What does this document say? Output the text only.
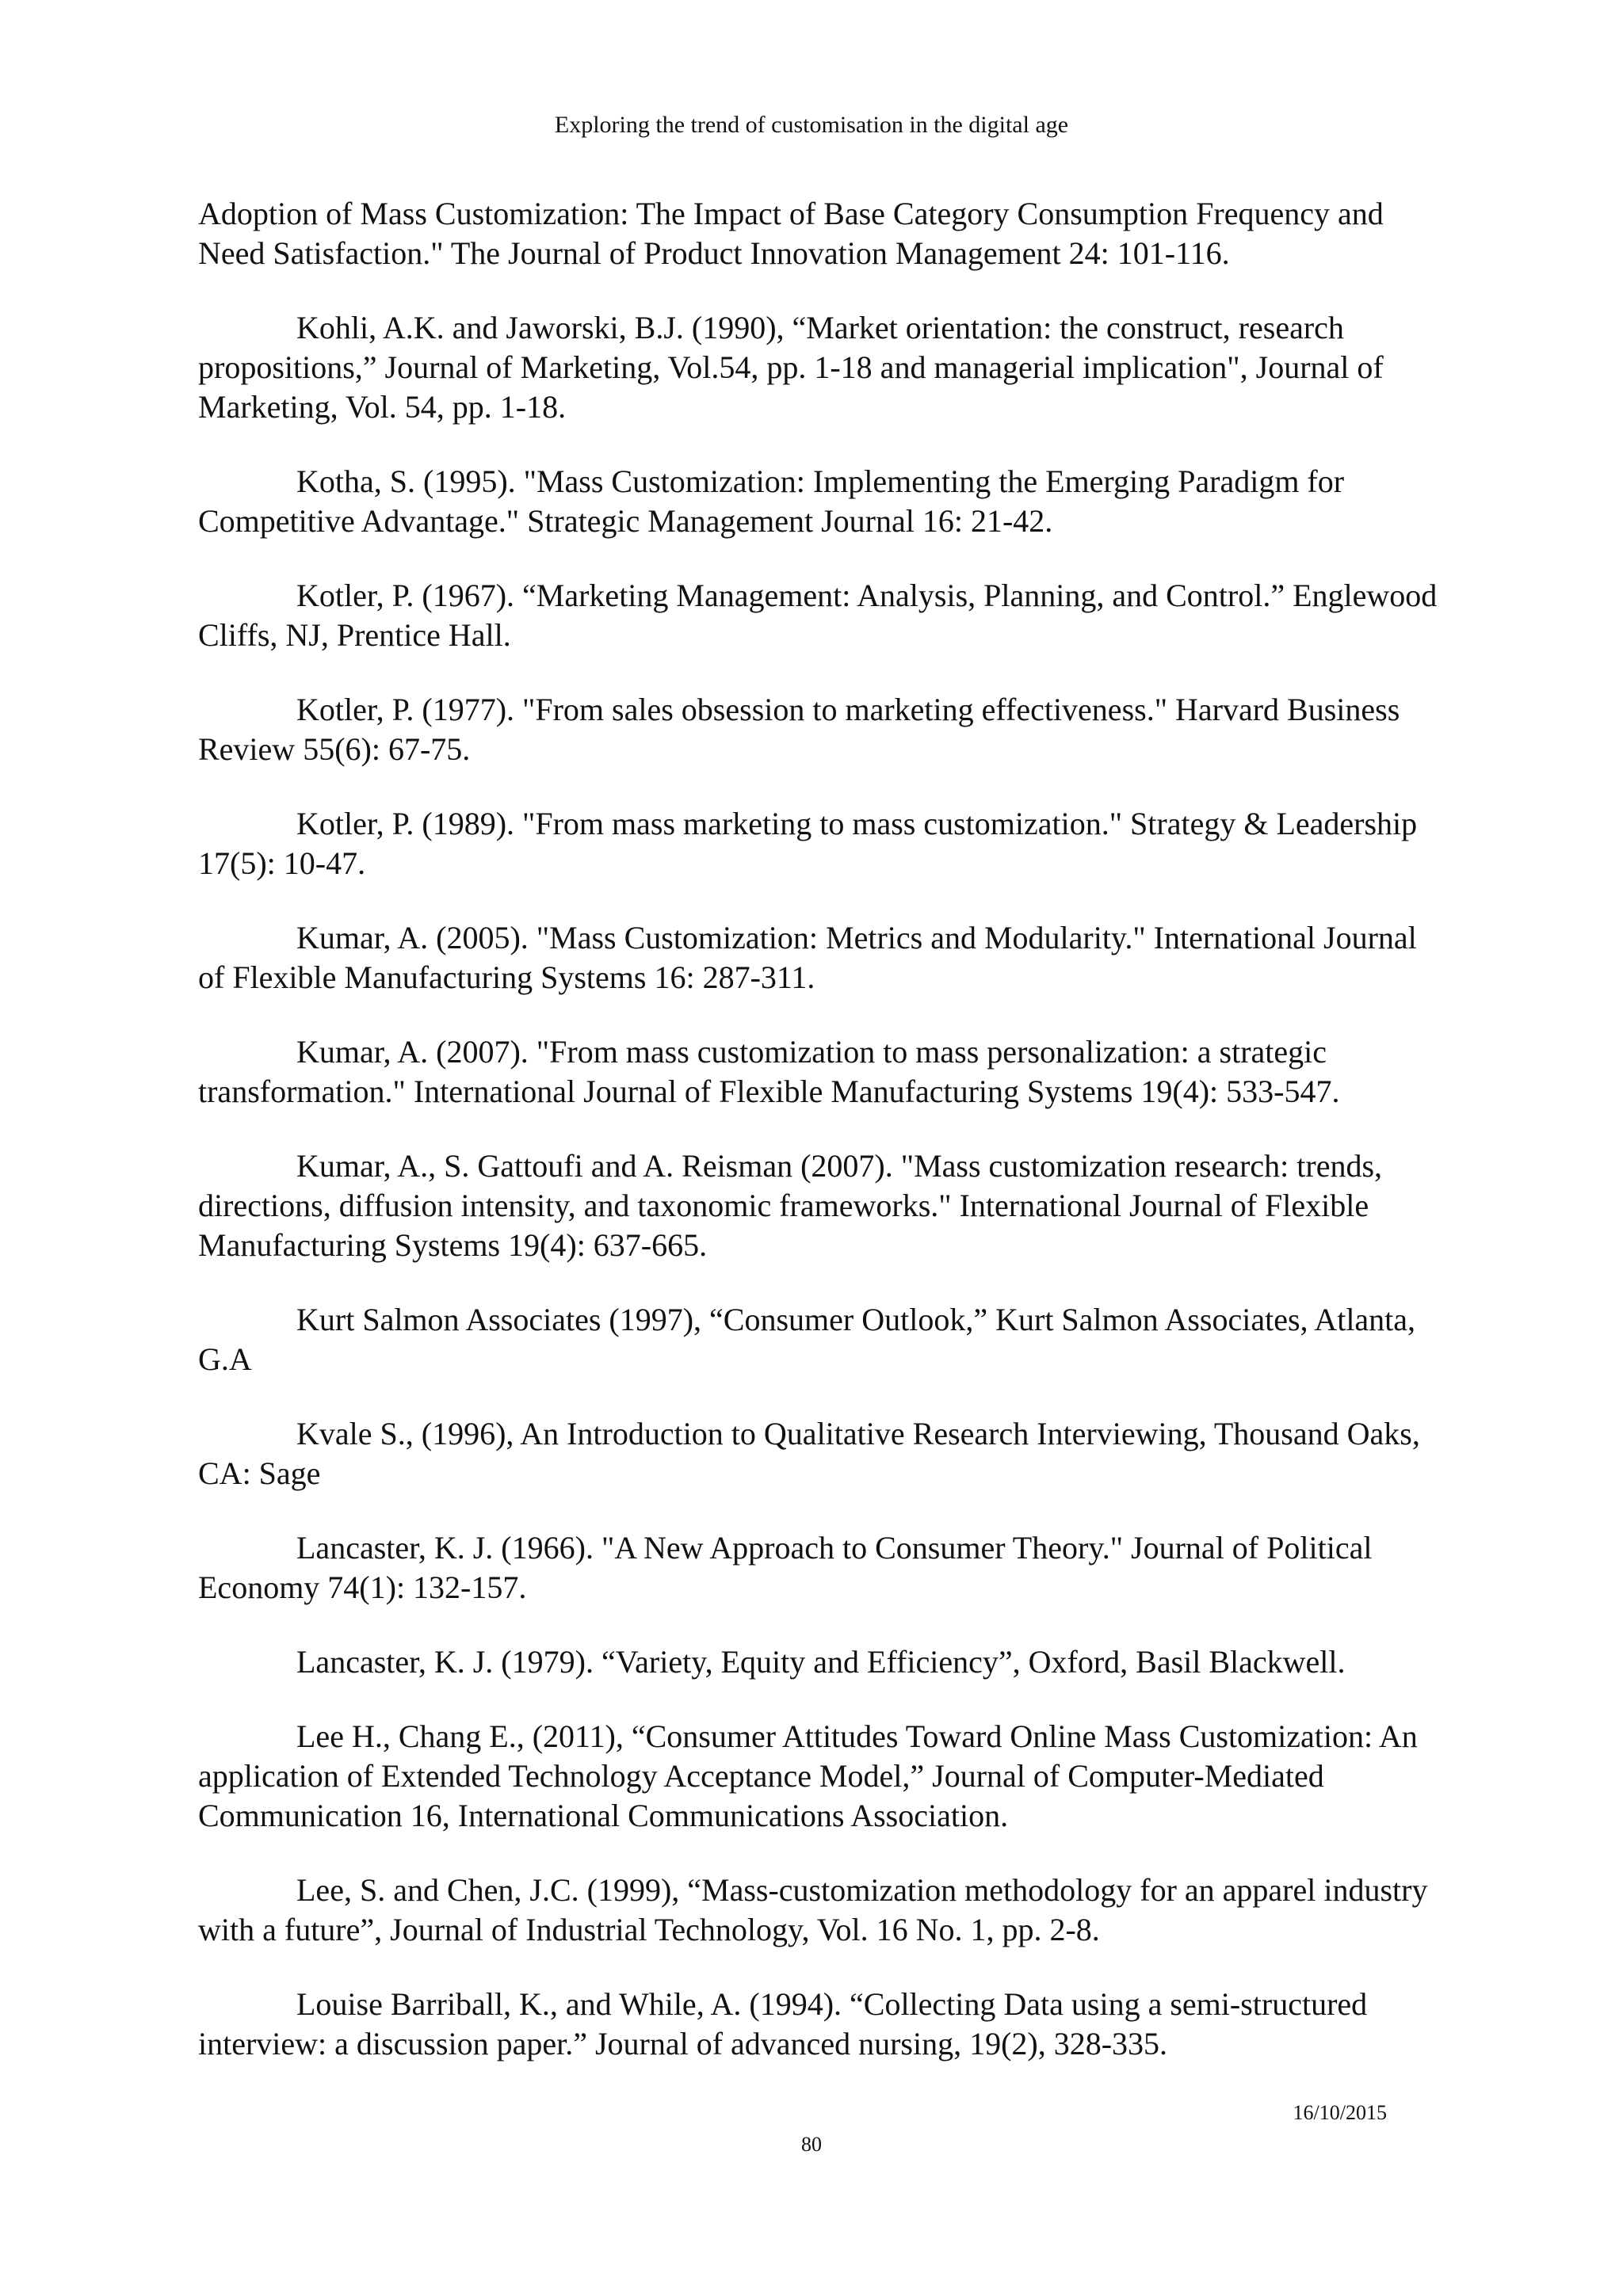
Exploring the trend of customisation in the digital age

Adoption of Mass Customization: The Impact of Base Category Consumption Frequency and Need Satisfaction." The Journal of Product Innovation Management 24: 101-116.

Kohli, A.K. and Jaworski, B.J. (1990), “Market orientation: the construct, research propositions,” Journal of Marketing, Vol.54, pp. 1-18 and managerial implication", Journal of Marketing, Vol. 54, pp. 1-18.

Kotha, S. (1995). "Mass Customization: Implementing the Emerging Paradigm for Competitive Advantage." Strategic Management Journal 16: 21-42.

Kotler, P. (1967). “Marketing Management: Analysis, Planning, and Control.” Englewood Cliffs, NJ, Prentice Hall.

Kotler, P. (1977). "From sales obsession to marketing effectiveness." Harvard Business Review 55(6): 67-75.

Kotler, P. (1989). "From mass marketing to mass customization." Strategy & Leadership 17(5): 10-47.

Kumar, A. (2005). "Mass Customization: Metrics and Modularity." International Journal of Flexible Manufacturing Systems 16: 287-311.

Kumar, A. (2007). "From mass customization to mass personalization: a strategic transformation." International Journal of Flexible Manufacturing Systems 19(4): 533-547.

Kumar, A., S. Gattoufi and A. Reisman (2007). "Mass customization research: trends, directions, diffusion intensity, and taxonomic frameworks." International Journal of Flexible Manufacturing Systems 19(4): 637-665.

Kurt Salmon Associates (1997), “Consumer Outlook,” Kurt Salmon Associates, Atlanta, G.A

Kvale S., (1996), An Introduction to Qualitative Research Interviewing, Thousand Oaks, CA: Sage

Lancaster, K. J. (1966). "A New Approach to Consumer Theory." Journal of Political Economy 74(1): 132-157.

Lancaster, K. J. (1979). “Variety, Equity and Efficiency”, Oxford, Basil Blackwell.

Lee H., Chang E., (2011), “Consumer Attitudes Toward Online Mass Customization: An application of Extended Technology Acceptance Model,” Journal of Computer-Mediated Communication 16, International Communications Association.

Lee, S. and Chen, J.C. (1999), “Mass-customization methodology for an apparel industry with a future”, Journal of Industrial Technology, Vol. 16 No. 1, pp. 2-8.

Louise Barriball, K., and While, A. (1994). “Collecting Data using a semi-structured interview: a discussion paper.” Journal of advanced nursing, 19(2), 328-335.

16/10/2015
80
